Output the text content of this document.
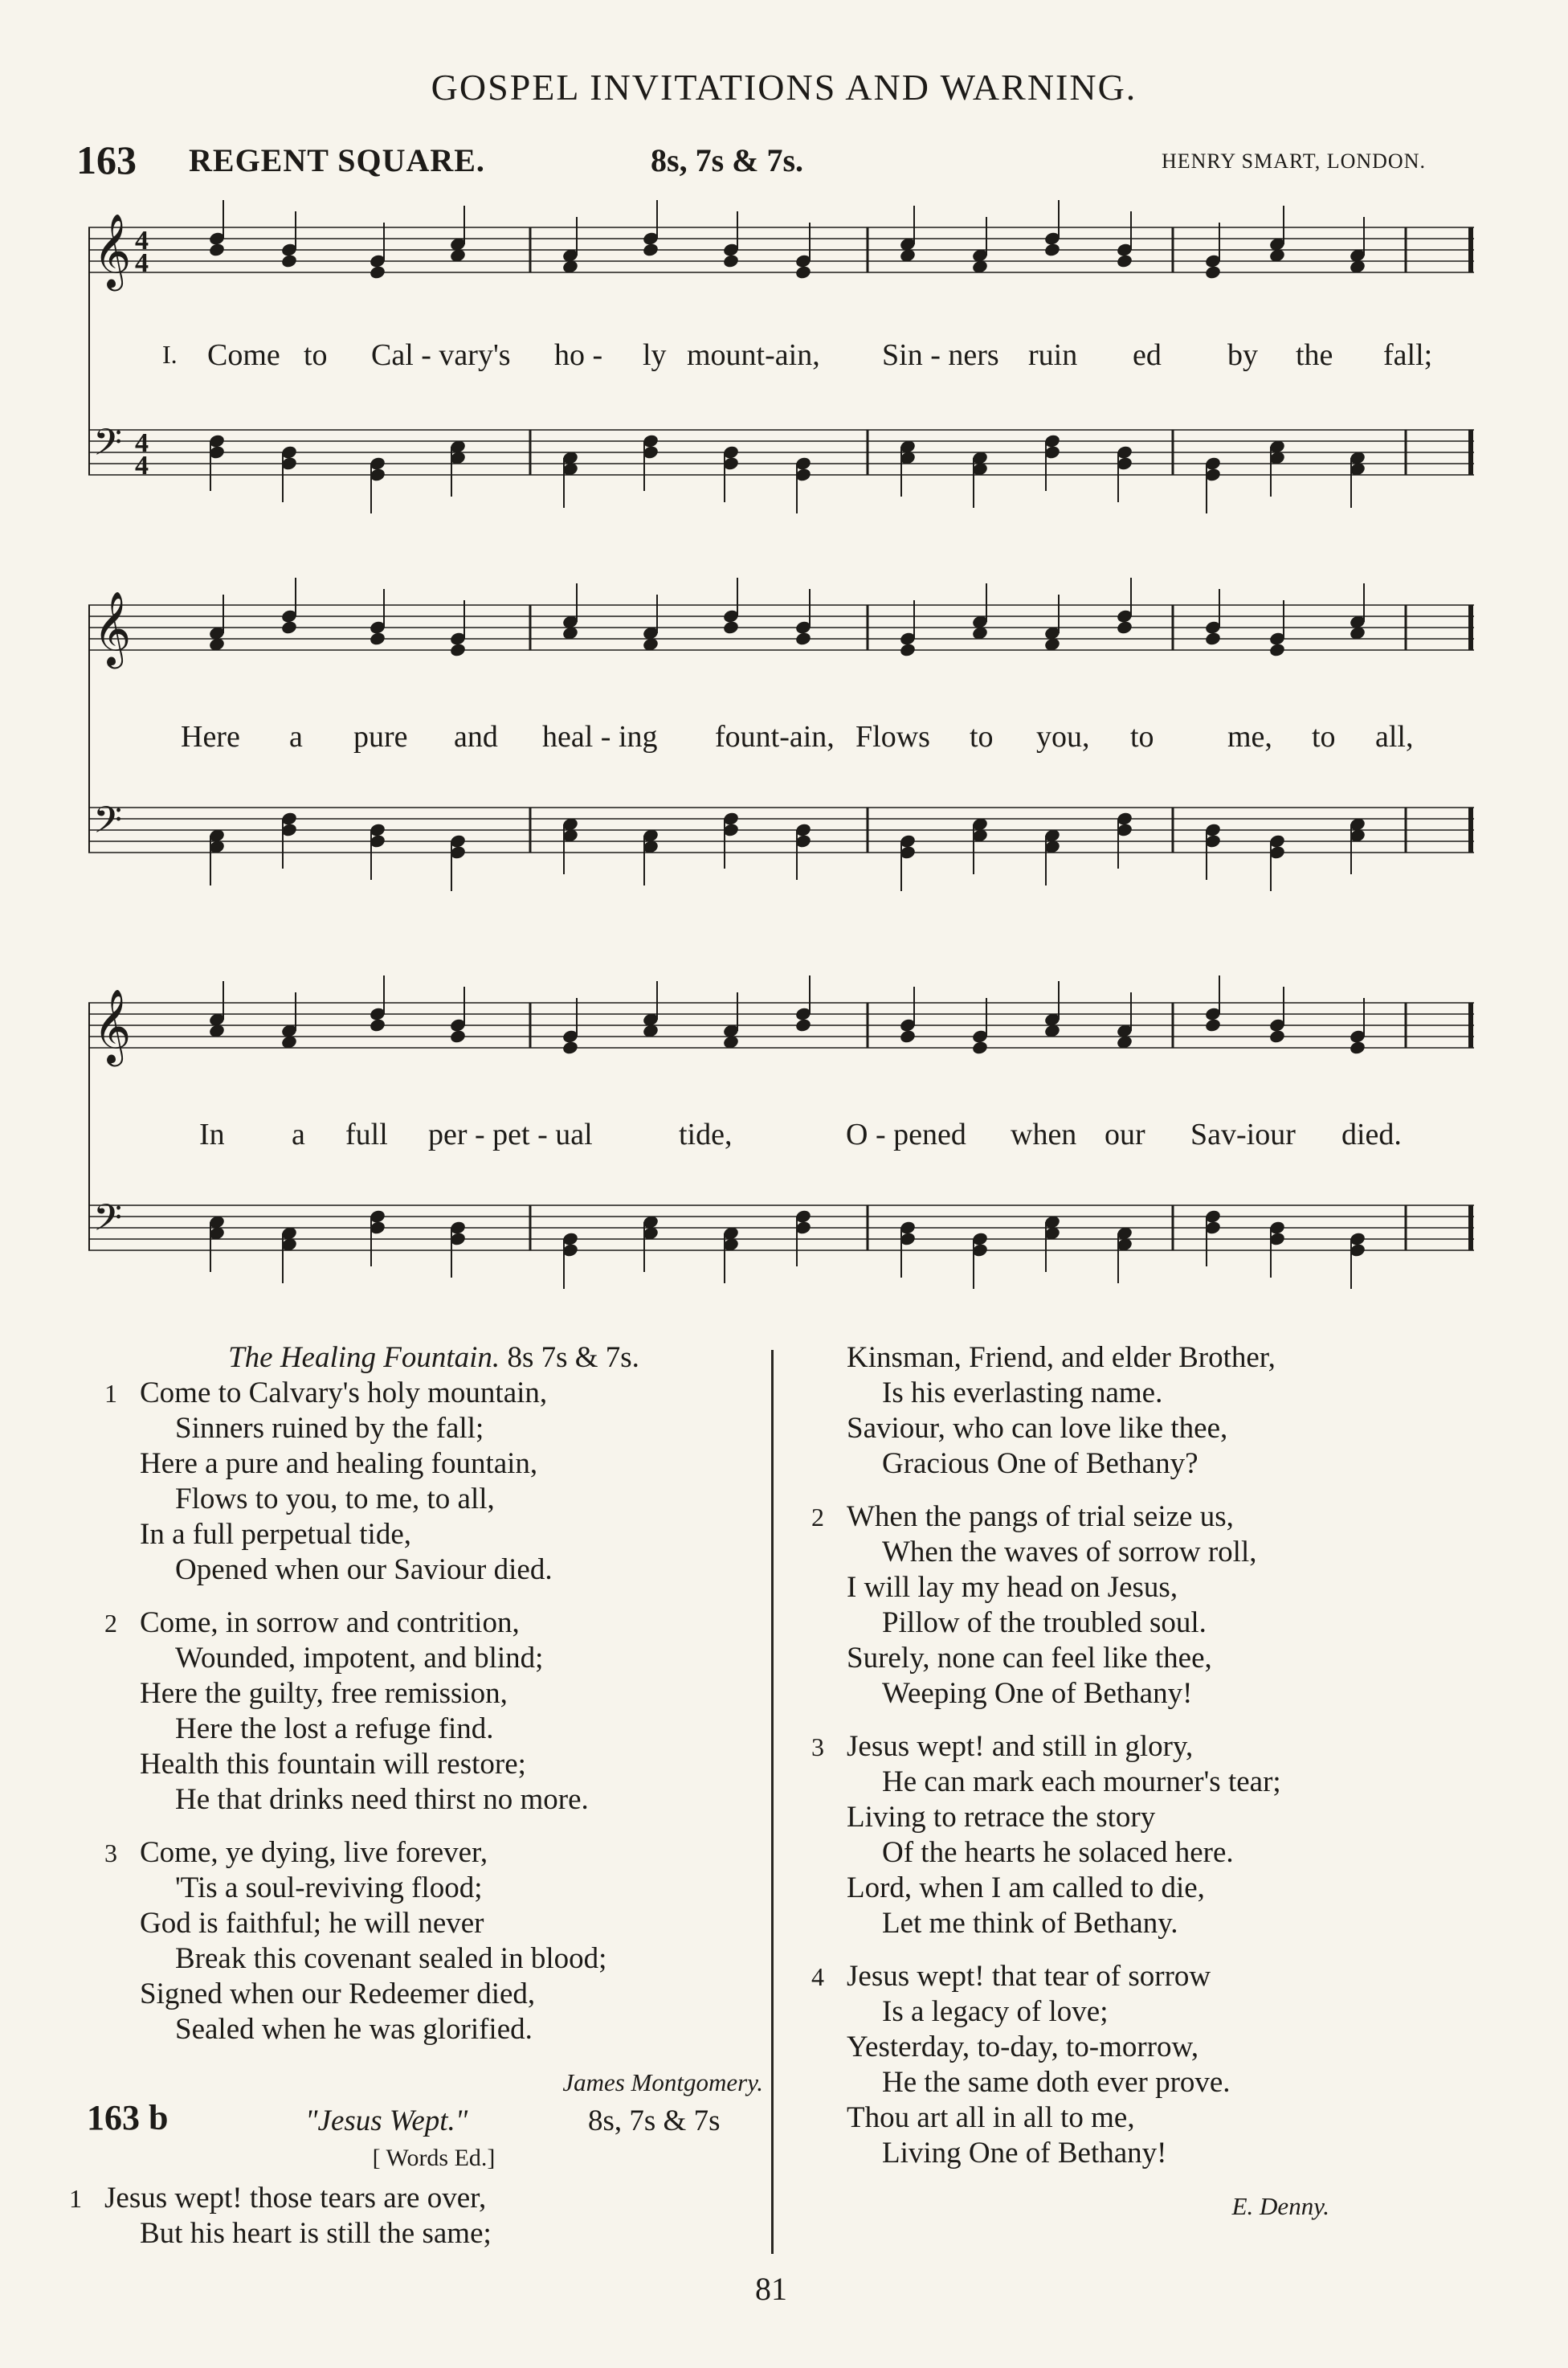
GOSPEL INVITATIONS AND WARNING.
163 REGENT SQUARE.	8s, 7s & 7s.	HENRY SMART, LONDON.
𝄞 4
4
𝄢 4
4
I. Come to Cal - vary's ho - ly mount-ain, Sin - ners ruin ed by the fall;
𝄞
𝄢
Here a pure and heal - ing fount-ain, Flows to you, to me, to all,
𝄞
𝄢
In a full per - pet - ual	tide,	O - pened when our Sav-iour died.

The Healing Fountain. 8s 7s & 7s.

1 Come to Calvary's holy mountain,

Sinners ruined by the fall;

Here a pure and healing fountain,

Flows to you, to me, to all,

In a full perpetual tide,

Opened when our Saviour died.

2 Come, in sorrow and contrition,

Wounded, impotent, and blind;

Here the guilty, free remission,

Here the lost a refuge find.

Health this fountain will restore;

He that drinks need thirst no more.

3 Come, ye dying, live forever,

'Tis a soul-reviving flood;

God is faithful; he will never

Break this covenant sealed in blood;

Signed when our Redeemer died,

Sealed when he was glorified.

James Montgomery.

163 b	"Jesus Wept."	8s, 7s & 7s

[ Words Ed.]

1 Jesus wept! those tears are over,

But his heart is still the same;

Kinsman, Friend, and elder Brother,

Is his everlasting name.

Saviour, who can love like thee,

Gracious One of Bethany?

2 When the pangs of trial seize us,

When the waves of sorrow roll,

I will lay my head on Jesus,

Pillow of the troubled soul.

Surely, none can feel like thee,

Weeping One of Bethany!

3 Jesus wept! and still in glory,

He can mark each mourner's tear;

Living to retrace the story

Of the hearts he solaced here.

Lord, when I am called to die,

Let me think of Bethany.

4 Jesus wept! that tear of sorrow

Is a legacy of love;

Yesterday, to-day, to-morrow,

He the same doth ever prove.

Thou art all in all to me,

Living One of Bethany!

E. Denny.

81
